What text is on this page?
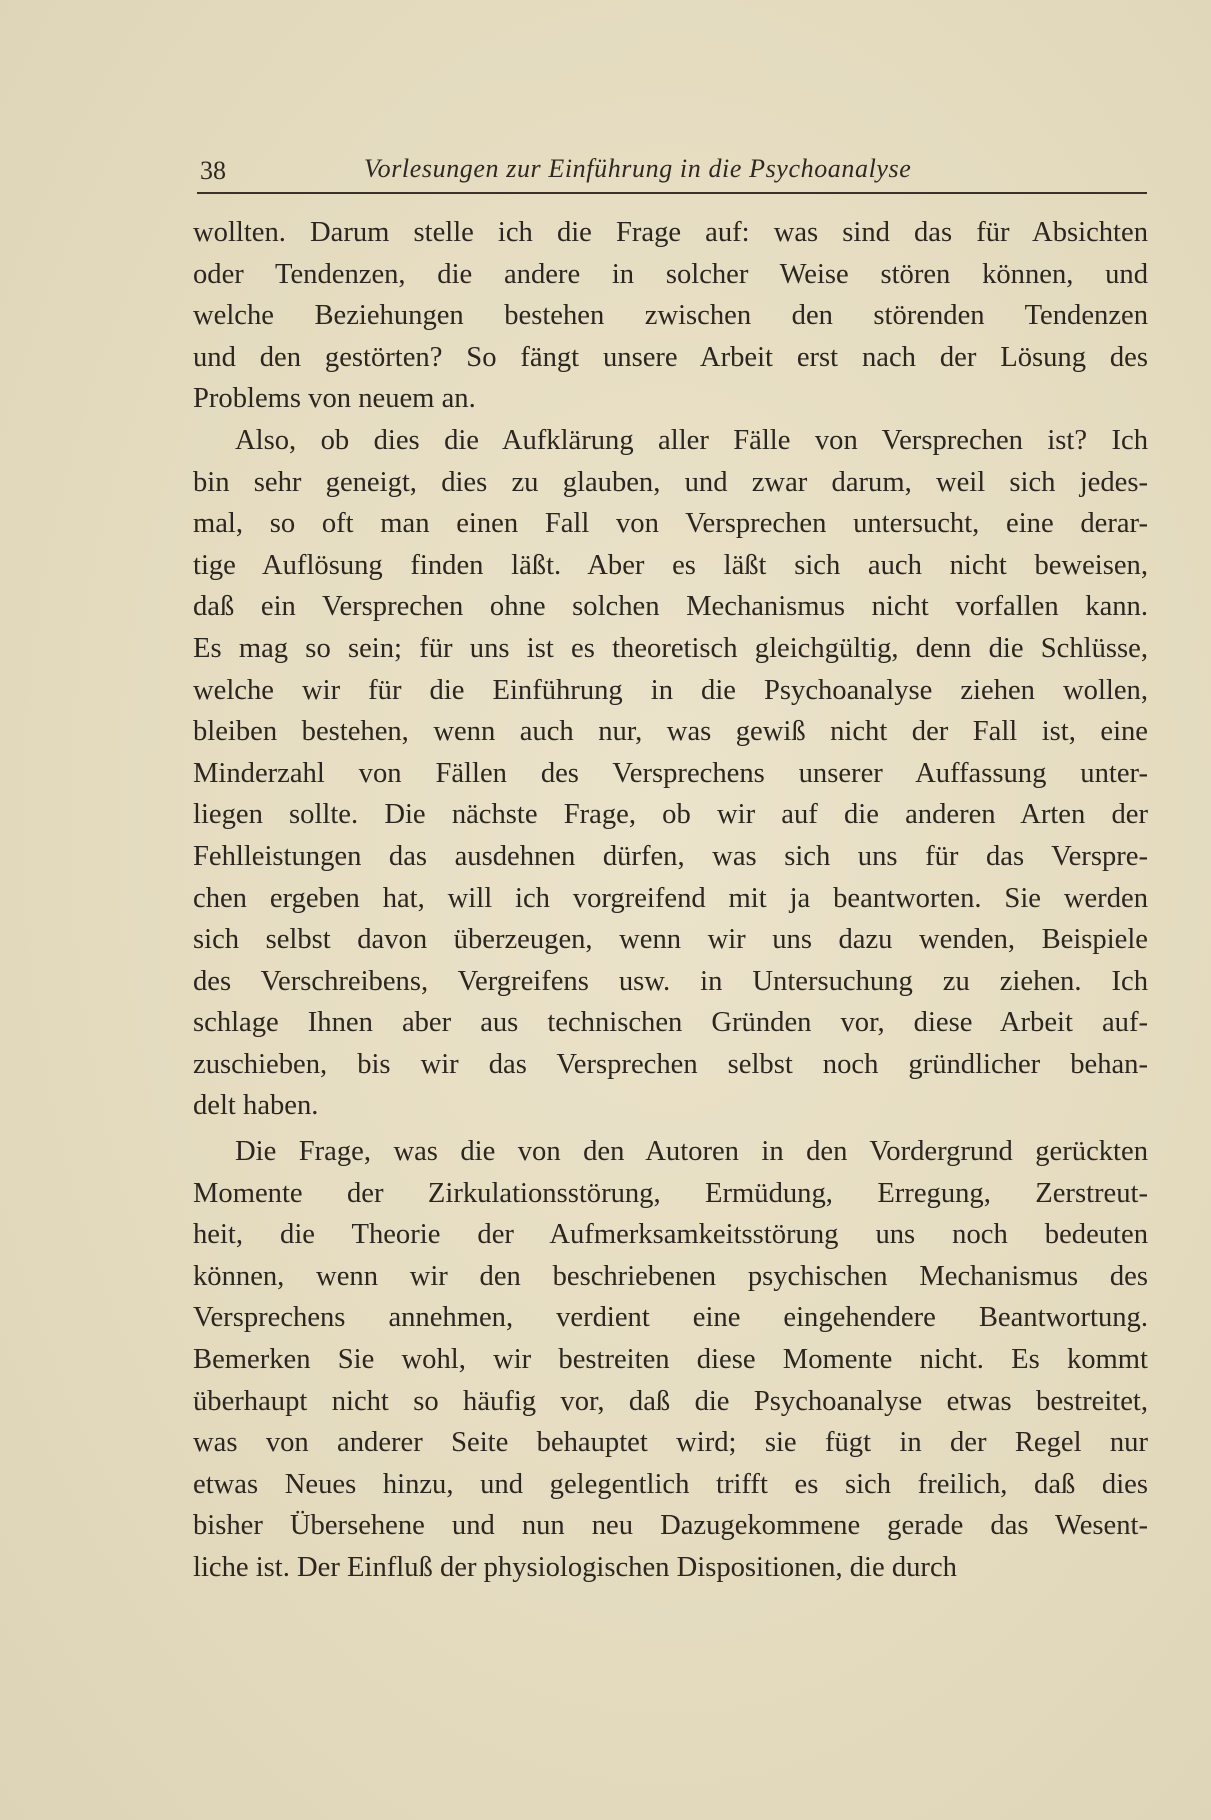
38	Vorlesungen zur Einführung in die Psychoanalyse
wollten. Darum stelle ich die Frage auf: was sind das für Absichten
oder Tendenzen, die andere in solcher Weise stören können, und
welche Beziehungen bestehen zwischen den störenden Tendenzen
und den gestörten? So fängt unsere Arbeit erst nach der Lösung des
Problems von neuem an.
Also, ob dies die Aufklärung aller Fälle von Versprechen ist? Ich
bin sehr geneigt, dies zu glauben, und zwar darum, weil sich jedes-
mal, so oft man einen Fall von Versprechen untersucht, eine derar-
tige Auflösung finden läßt. Aber es läßt sich auch nicht beweisen,
daß ein Versprechen ohne solchen Mechanismus nicht vorfallen kann.
Es mag so sein; für uns ist es theoretisch gleichgültig, denn die Schlüsse,
welche wir für die Einführung in die Psychoanalyse ziehen wollen,
bleiben bestehen, wenn auch nur, was gewiß nicht der Fall ist, eine
Minderzahl von Fällen des Versprechens unserer Auffassung unter-
liegen sollte. Die nächste Frage, ob wir auf die anderen Arten der
Fehlleistungen das ausdehnen dürfen, was sich uns für das Verspre-
chen ergeben hat, will ich vorgreifend mit ja beantworten. Sie werden
sich selbst davon überzeugen, wenn wir uns dazu wenden, Beispiele
des Verschreibens, Vergreifens usw. in Untersuchung zu ziehen. Ich
schlage Ihnen aber aus technischen Gründen vor, diese Arbeit auf-
zuschieben, bis wir das Versprechen selbst noch gründlicher behan-
delt haben.
Die Frage, was die von den Autoren in den Vordergrund gerückten
Momente der Zirkulationsstörung, Ermüdung, Erregung, Zerstreut-
heit, die Theorie der Aufmerksamkeitsstörung uns noch bedeuten
können, wenn wir den beschriebenen psychischen Mechanismus des
Versprechens annehmen, verdient eine eingehendere Beantwortung.
Bemerken Sie wohl, wir bestreiten diese Momente nicht. Es kommt
überhaupt nicht so häufig vor, daß die Psychoanalyse etwas bestreitet,
was von anderer Seite behauptet wird; sie fügt in der Regel nur
etwas Neues hinzu, und gelegentlich trifft es sich freilich, daß dies
bisher Übersehene und nun neu Dazugekommene gerade das Wesent-
liche ist. Der Einfluß der physiologischen Dispositionen, die durch
